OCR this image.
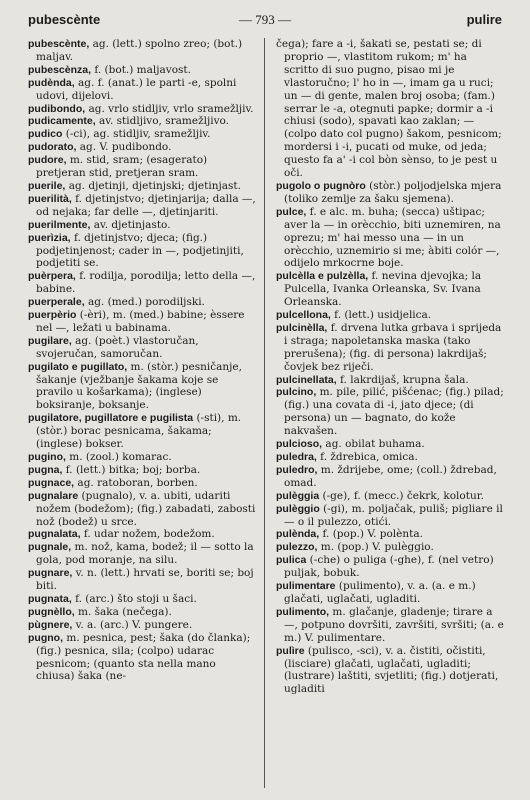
pubescènte	— 793 —	pulire
pubescènte, ag. (lett.) spolno zreo; (bot.) maljav.
pubescènza, f. (bot.) maljavost.
pudènda, ag. f. (anat.) le parti -e, spolni udovi, dijelovi.
pudibondo, ag. vrlo stidljiv, vrlo sramežljiv.
pudicamente, av. stidljivo, sramežljivo.
pudico (-ci), ag. stidljiv, sramežljiv.
pudorato, ag. V. pudibondo.
pudore, m. stid, sram; (esagerato) pretjeran stid, pretjeran sram.
puerile, ag. djetinji, djetinjski; djetinjast.
puerilità, f. djetinjstvo; djetinjarija; dalla —, od nejaka; far delle —, djetinjariti.
puerilmente, av. djetinjasto.
puerìzia, f. djetinjstvo; djeca; (fig.) podjetinjenost; cader in —, podjetinjiti, podjetiti se.
puèrpera, f. rodilja, porodilja; letto della —, babine.
puerperale, ag. (med.) porodiljski.
puerpèrio (-èri), m. (med.) babine; èssere nel —, ležati u babinama.
pugilare, ag. (poèt.) vlastoručan, svojeručan, samoručan.
pugilato e pugillato, m. (stòr.) pesničanje, šakanje (vježbanje šakama koje se pravilo u košarkama); (inglese) boksiranje, boksanje.
pugilatore, pugillatore e pugilista (-sti), m. (stòr.) borac pesnicama, šakama; (inglese) bokser.
pugino, m. (zool.) komarac.
pugna, f. (lett.) bitka; boj; borba.
pugnace, ag. ratoboran, borben.
pugnalare (pugnalo), v. a. ubiti, udariti nožem (bodežom); (fig.) zabadati, zabosti nož (bodež) u srce.
pugnalata, f. udar nožem, bodežom.
pugnale, m. nož, kama, bodež; il — sotto la gola, pod moranje, na silu.
pugnare, v. n. (lett.) hrvati se, boriti se; boj biti.
pugnata, f. (arc.) što stoji u šaci.
pugnèllo, m. šaka (nečega).
pùgnere, v. a. (arc.) V. pungere.
pugno, m. pesnica, pest; šaka (do članka); (fig.) pesnica, sila; (colpo) udarac pesnicom; (quanto sta nella mano chiusa) šaka (ne-
čega); fare a -i, šakati se, pestati se; di proprio —, vlastitom rukom; m' ha scritto di suo pugno, pisao mi je vlastoručno; l' ho in —, imam ga u ruci; un — di gente, malen broj osoba; (fam.) serrar le -a, otegnuti papke; dormir a -i chiusi (sodo), spavati kao zaklan; — (colpo dato col pugno) šakom, pesnicom; mordersi i -i, pucati od muke, od jeda; questo fa a' -i col bòn sènso, to je pest u oči.
pugolo o pugnòro (stòr.) poljodjelska mjera (toliko zemlje za šaku sjemena).
pulce, f. e alc. m. buha; (secca) uštipac; aver la — in orècchio, biti uznemiren, na oprezu; m' hai messo una — in un orècchio, uznemirio si me; àbiti colór —, odijelo mrkocrne boje.
pulcèlla e pulzèlla, f. nevina djevojka; la Pulcella, Ivanka Orleanska, Sv. Ivana Orleanska.
pulcellona, f. (lett.) usidjelica.
pulcinèlla, f. drvena lutka grbava i sprijeda i straga; napoletanska maska (tako prerušena); (fig. di persona) lakrdijaš; čovjek bez riječi.
pulcinellata, f. lakrdijaš, krupna šala.
pulcino, m. pile, pilić, pišćenac; (fig.) pilad; (fig.) una covata di -i, jato djece; (di persona) un — bagnato, do kože nakvašen.
pulcioso, ag. obilat buhama.
puledra, f. ždrebica, omica.
puledro, m. ždrijebe, ome; (coll.) ždrebad, omad.
pulèggia (-ge), f. (mecc.) čekrk, kolotur.
pulèggio (-gi), m. poljačak, puliš; pigliare il — o il pulezzo, otići.
pulènda, f. (pop.) V. polènta.
pulezzo, m. (pop.) V. pulèggio.
pulica (-che) o puliga (-ghe), f. (nel vetro) puljak, bobuk.
pulimentare (pulimento), v. a. (a. e m.) glačati, uglačati, ugladiti.
pulimento, m. glačanje, gladenje; tirare a —, potpuno dovršiti, završiti, svršiti; (a. e m.) V. pulimentare.
pulìre (pulisco, -sci), v. a. čistiti, očistiti, (lisciare) glačati, uglačati, ugladiti; (lustrare) laštiti, svjetliti; (fig.) dotjerati, ugladiti
